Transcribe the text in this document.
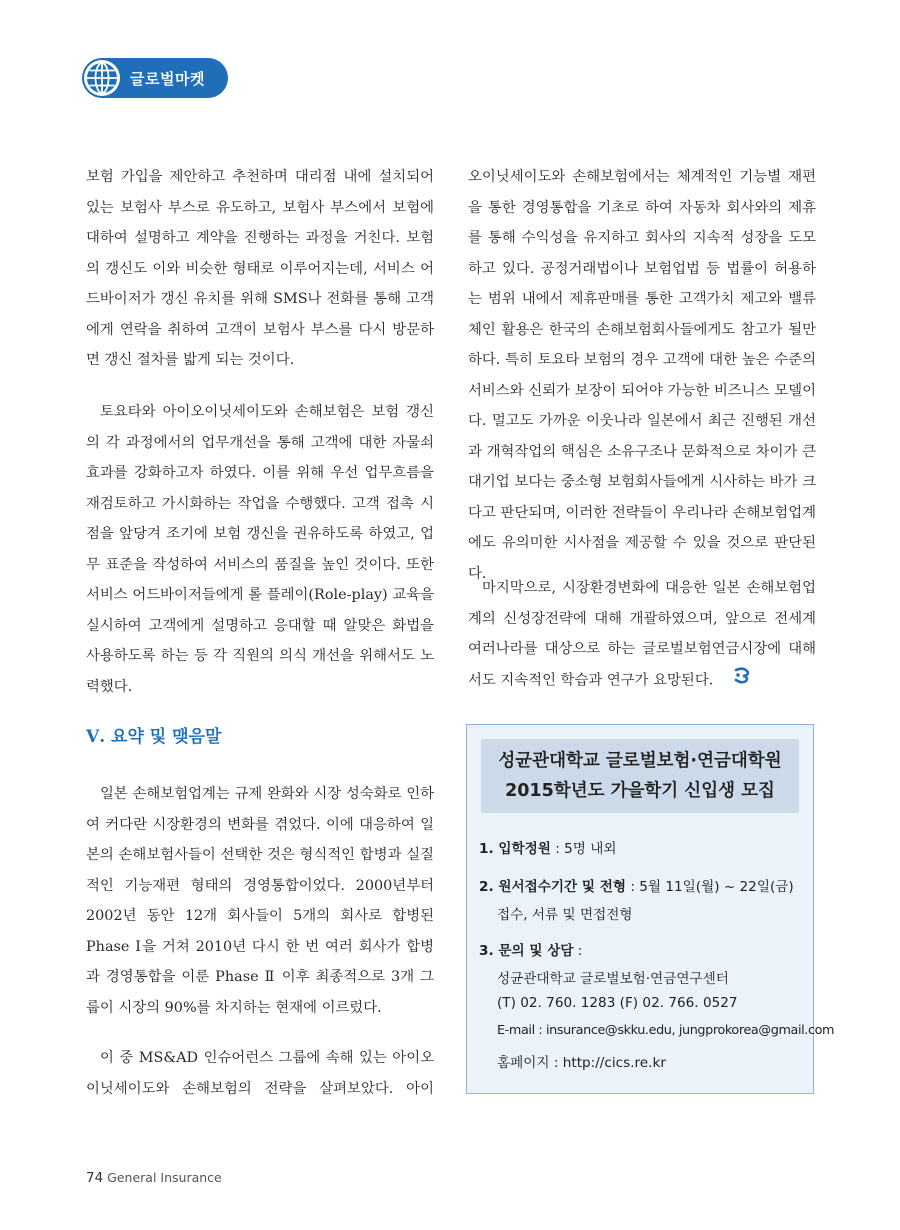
글로벌마켓

보험 가입을 제안하고 추천하며 대리점 내에 설치되어 있는 보험사 부스로 유도하고, 보험사 부스에서 보험에 대하여 설명하고 계약을 진행하는 과정을 거친다. 보험의 갱신도 이와 비슷한 형태로 이루어지는데, 서비스 어드바이저가 갱신 유치를 위해 SMS나 전화를 통해 고객에게 연락을 취하여 고객이 보험사 부스를 다시 방문하면 갱신 절차를 밟게 되는 것이다.

토요타와 아이오이닛세이도와 손해보험은 보험 갱신의 각 과정에서의 업무개선을 통해 고객에 대한 자물쇠 효과를 강화하고자 하였다. 이를 위해 우선 업무흐름을 재검토하고 가시화하는 작업을 수행했다. 고객 접촉 시점을 앞당겨 조기에 보험 갱신을 권유하도록 하였고, 업무 표준을 작성하여 서비스의 품질을 높인 것이다. 또한 서비스 어드바이저들에게 롤 플레이(Role-play) 교육을 실시하여 고객에게 설명하고 응대할 때 알맞은 화법을 사용하도록 하는 등 각 직원의 의식 개선을 위해서도 노력했다.

일본 손해보험업계는 규제 완화와 시장 성숙화로 인하여 커다란 시장환경의 변화를 겪었다. 이에 대응하여 일본의 손해보험사들이 선택한 것은 형식적인 합병과 실질적인 기능재편 형태의 경영통합이었다. 2000년부터 2002년 동안 12개 회사들이 5개의 회사로 합병된 Phase Ⅰ을 거쳐 2010년 다시 한 번 여러 회사가 합병과 경영통합을 이룬 Phase Ⅱ 이후 최종적으로 3개 그룹이 시장의 90%를 차지하는 현재에 이르렀다.

이 중 MS&AD 인슈어런스 그룹에 속해 있는 아이오이닛세이도와 손해보험의 전략을 살펴보았다. 아이

Ⅴ. 요약 및 맺음말

오이닛세이도와 손해보험에서는 체계적인 기능별 재편을 통한 경영통합을 기초로 하여 자동차 회사와의 제휴를 통해 수익성을 유지하고 회사의 지속적 성장을 도모하고 있다. 공정거래법이나 보험업법 등 법률이 허용하는 범위 내에서 제휴판매를 통한 고객가치 제고와 밸류 체인 활용은 한국의 손해보험회사들에게도 참고가 될만하다. 특히 토요타 보험의 경우 고객에 대한 높은 수준의 서비스와 신뢰가 보장이 되어야 가능한 비즈니스 모델이다. 멀고도 가까운 이웃나라 일본에서 최근 진행된 개선과 개혁작업의 핵심은 소유구조나 문화적으로 차이가 큰 대기업 보다는 중소형 보험회사들에게 시사하는 바가 크다고 판단되며, 이러한 전략들이 우리나라 손해보험업계에도 유의미한 시사점을 제공할 수 있을 것으로 판단된다.

마지막으로, 시장환경변화에 대응한 일본 손해보험업계의 신성장전략에 대해 개괄하였으며, 앞으로 전세계 여러나라를 대상으로 하는 글로벌보험연금시장에 대해서도 지속적인 학습과 연구가 요망된다.

성균관대학교 글로벌보험·연금대학원
2015학년도 가을학기 신입생 모집
1. 입학정원 : 5명 내외
2. 원서접수기간 및 전형 : 5월 11일(월) ~ 22일(금)
접수, 서류 및 면접전형
3. 문의 및 상담 :
성균관대학교 글로벌보험·연금연구센터
(T) 02. 760. 1283 (F) 02. 766. 0527
E-mail : insurance@skku.edu, jungprokorea@gmail.com
홈페이지 : http://cics.re.kr
74 General Insurance
